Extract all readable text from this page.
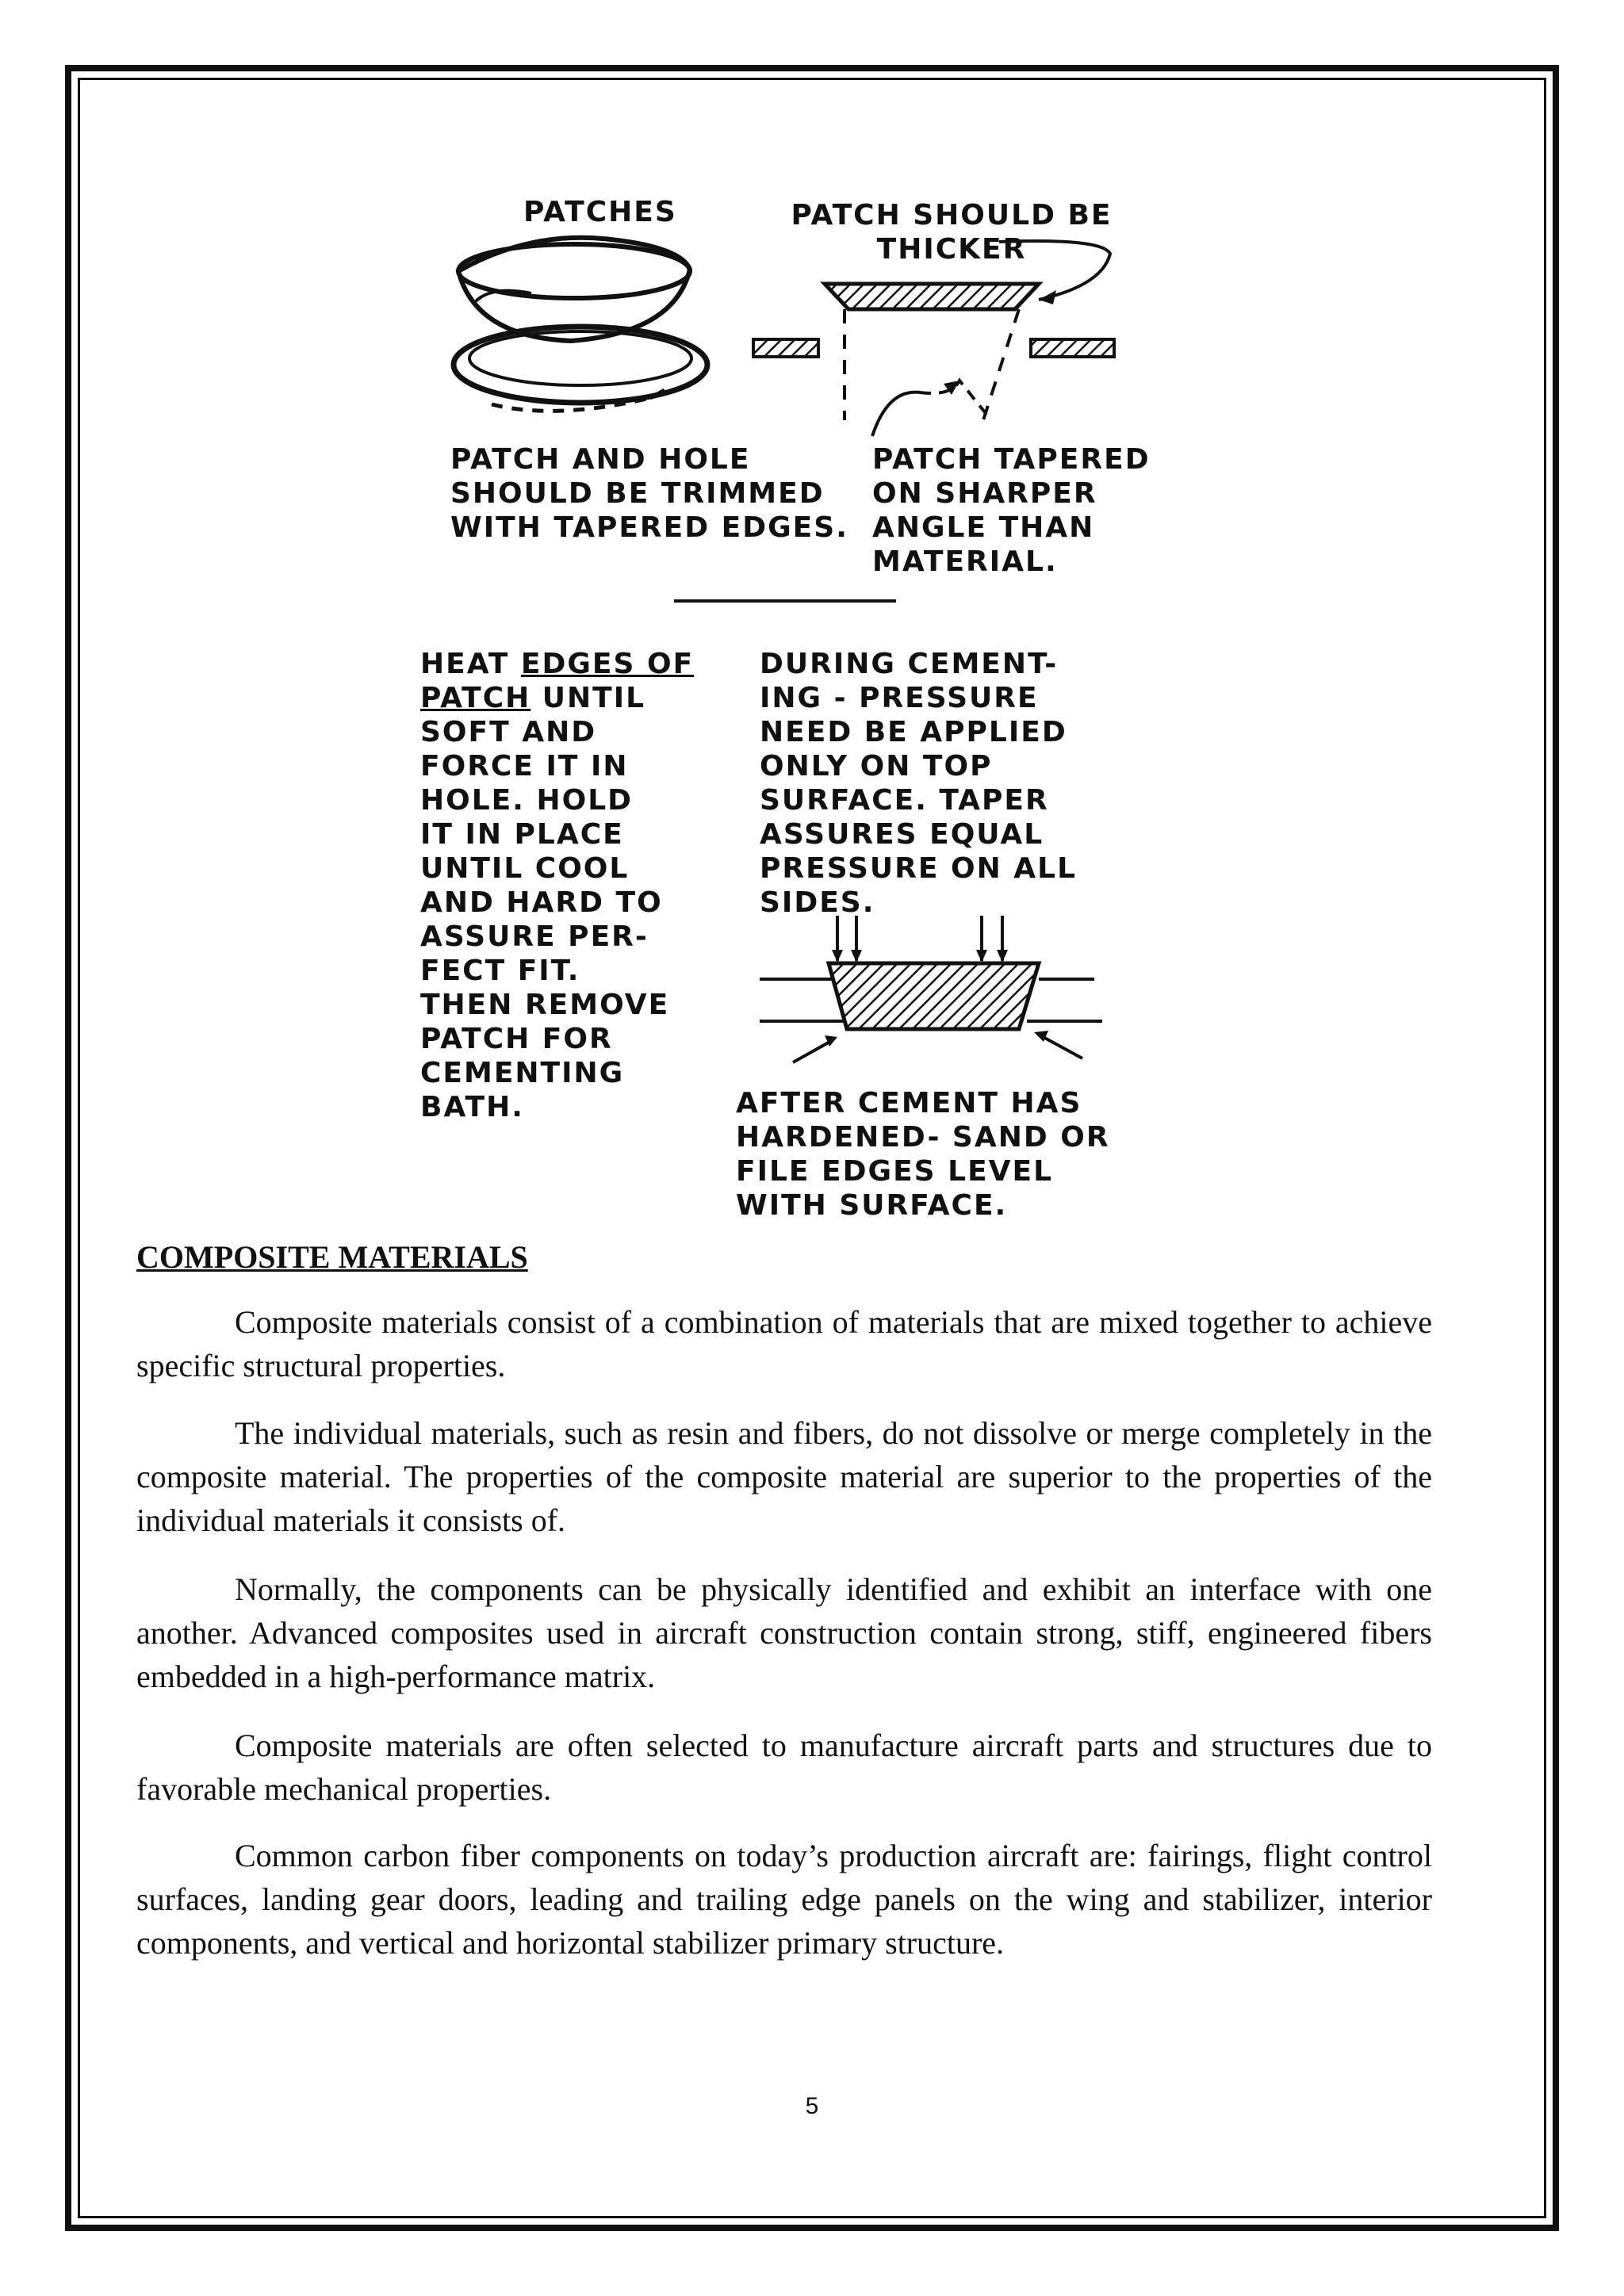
PATCHES	PATCH SHOULD BE
THICKER

PATCH AND HOLE
SHOULD BE TRIMMED
WITH TAPERED EDGES.

PATCH TAPERED
ON SHARPER
ANGLE THAN
MATERIAL.

HEAT EDGES OF
PATCH UNTIL
SOFT AND
FORCE IT IN
HOLE. HOLD
IT IN PLACE
UNTIL COOL
AND HARD TO
ASSURE PER-
FECT FIT.
THEN REMOVE
PATCH FOR
CEMENTING
BATH.

DURING CEMENT-
ING - PRESSURE
NEED BE APPLIED
ONLY ON TOP
SURFACE. TAPER
ASSURES EQUAL
PRESSURE ON ALL
SIDES.

AFTER CEMENT HAS
HARDENED- SAND OR
FILE EDGES LEVEL
WITH SURFACE.

COMPOSITE MATERIALS

Composite materials consist of a combination of materials that are mixed together to achieve specific structural properties.

The individual materials, such as resin and fibers, do not dissolve or merge completely in the composite material. The properties of the composite material are superior to the properties of the individual materials it consists of.

Normally, the components can be physically identified and exhibit an interface with one another. Advanced composites used in aircraft construction contain strong, stiff, engineered fibers embedded in a high-performance matrix.

Composite materials are often selected to manufacture aircraft parts and structures due to favorable mechanical properties.

Common carbon fiber components on today’s production aircraft are: fairings, flight control surfaces, landing gear doors, leading and trailing edge panels on the wing and stabilizer, interior components, and vertical and horizontal stabilizer primary structure.

5
